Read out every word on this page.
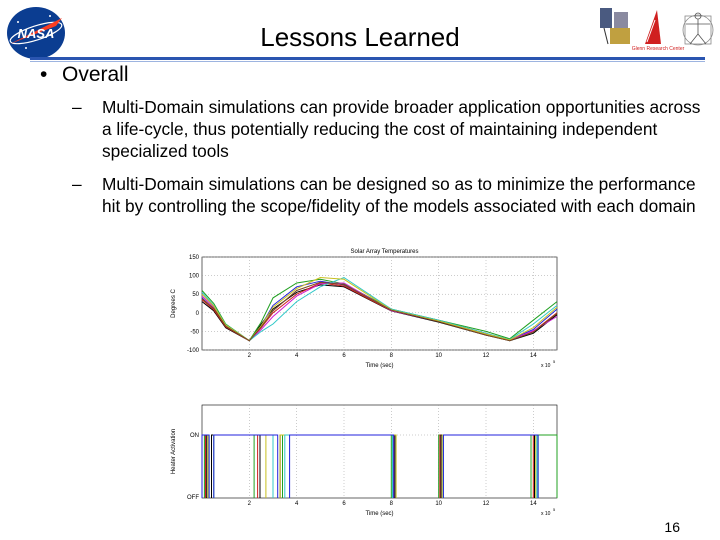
NASA
Glenn Research Center
Lessons Learned
• Overall
– Multi-Domain simulations can provide broader application opportunities across a life-cycle, thus potentially reducing the cost of maintaining independent specialized tools
– Multi-Domain simulations can be designed so as to minimize the performance hit by controlling the scope/fidelity of the models associated with each domain
Solar Array Temperatures
2	4	6	8	10	12	14
150
100
50
0
-50
-100
Time (sec)
Degrees C
x 10
5
2	4	6	8	10	12	14
ON
OFF
Time (sec)
Heater Activation
x 10
5
16
